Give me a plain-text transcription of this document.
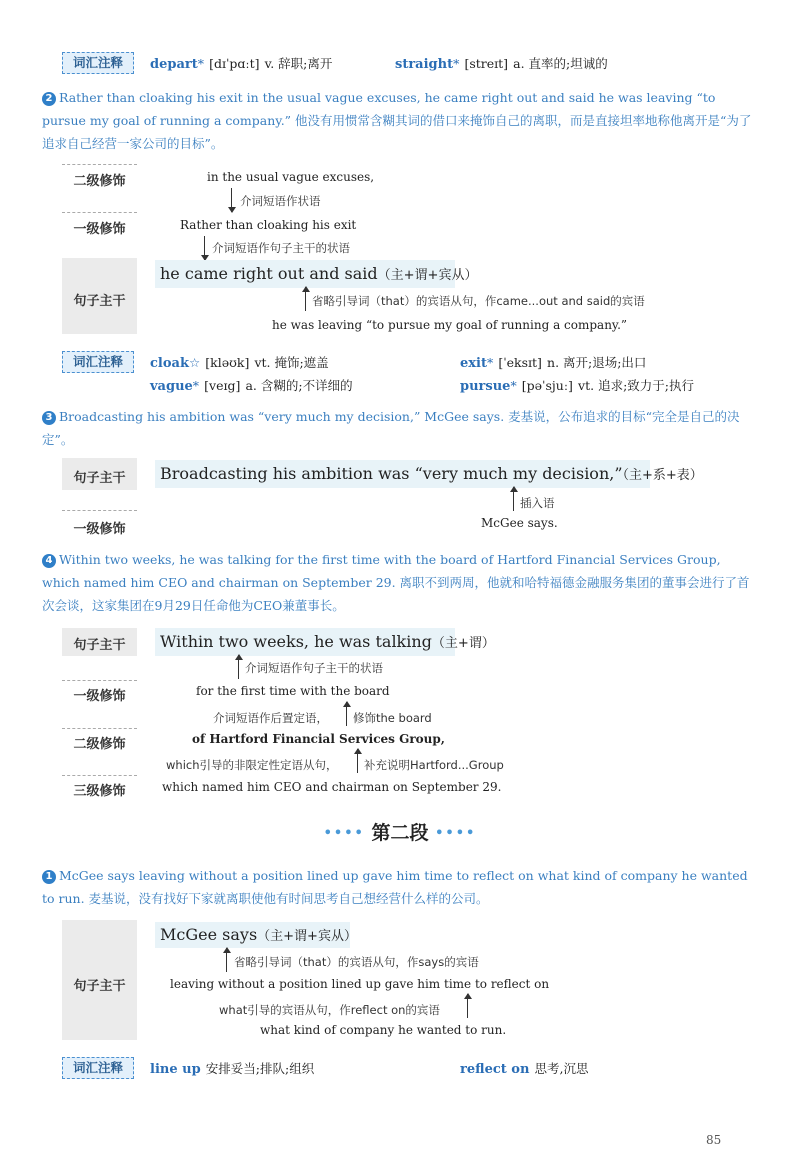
词汇注释	depart* [dɪˈpɑːt] v. 辞职;离开	straight* [streɪt] a. 直率的;坦诚的
2 Rather than cloaking his exit in the usual vague excuses, he came right out and said he was leaving “to pursue my goal of running a company.” 他没有用惯常含糊其词的借口来掩饰自己的离职，而是直接坦率地称他离开是“为了追求自己经营一家公司的目标”。
二级修饰	in the usual vague excuses,
介词短语作状语
一级修饰	Rather than cloaking his exit
介词短语作句子主干的状语
句子主干
he came right out and said（主+谓+宾从）
省略引导词（that）的宾语从句，作came...out and said的宾语
he was leaving “to pursue my goal of running a company.”
词汇注释	cloak☆ [kləʊk] vt. 掩饰;遮盖	exit* [ˈeksɪt] n. 离开;退场;出口
vague* [veɪg] a. 含糊的;不详细的	pursue* [pəˈsjuː] vt. 追求;致力于;执行
3 Broadcasting his ambition was “very much my decision,” McGee says. 麦基说，公布追求的目标“完全是自己的决定”。
句子主干	Broadcasting his ambition was “very much my decision,”（主+系+表）
插入语
一级修饰	McGee says.
4 Within two weeks, he was talking for the first time with the board of Hartford Financial Services Group, which named him CEO and chairman on September 29. 离职不到两周，他就和哈特福德金融服务集团的董事会进行了首次会谈，这家集团在9月29日任命他为CEO兼董事长。
句子主干	Within two weeks, he was talking（主+谓）
介词短语作句子主干的状语
一级修饰	for the first time with the board
介词短语作后置定语， 修饰the board
二级修饰	of Hartford Financial Services Group,
which引导的非限定性定语从句， 补充说明Hartford...Group
三级修饰	which named him CEO and chairman on September 29.
•••• 第二段 ••••
1 McGee says leaving without a position lined up gave him time to reflect on what kind of company he wanted to run. 麦基说，没有找好下家就离职使他有时间思考自己想经营什么样的公司。
句子主干
McGee says（主+谓+宾从）
省略引导词（that）的宾语从句，作says的宾语
leaving without a position lined up gave him time to reflect on
what引导的宾语从句，作reflect on的宾语
what kind of company he wanted to run.
词汇注释	line up 安排妥当;排队;组织	reflect on 思考,沉思
85
